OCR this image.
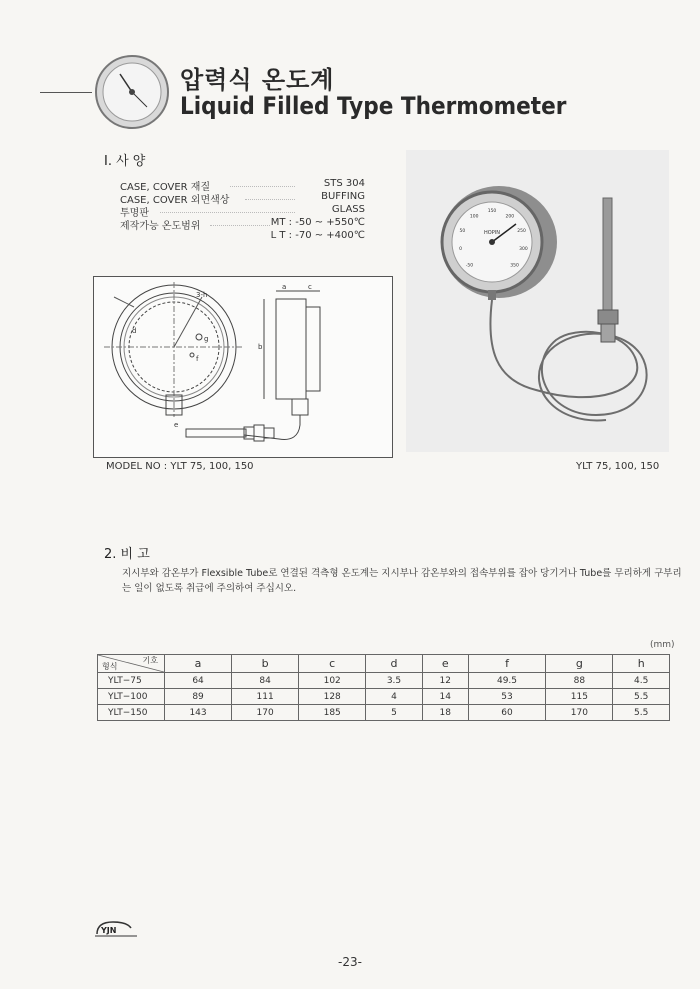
압력식 온도계
Liquid Filled Type Thermometer
I. 사 양
CASE, COVER 재질	STS 304
CASE, COVER 외면색상	BUFFING
투명판	GLASS
제작가능 온도범위	MT : -50 ~ +550℃
L T : -70 ~ +400℃
3-h
d
e
a	c
b
g
f
-50
0
50
100
150
200
250
300
350
HOPIN
MODEL NO : YLT 75, 100, 150	YLT 75, 100, 150
2. 비 고
지시부와 감온부가 Flexsible Tube로 연결된 격측형 온도계는 지시부나 감온부와의 접속부위를 잡아 당기거나 Tube를 무리하게 구부리는 일이 없도록 취급에 주의하여 주십시오.
(mm)
기호
형식	a	b	c	d	e	f	g	h
YLT−75	64	84	102	3.5	12	49.5	88	4.5
YLT−100	89	111	128	4	14	53	115	5.5
YLT−150	143	170	185	5	18	60	170	5.5
YJN
-23-
